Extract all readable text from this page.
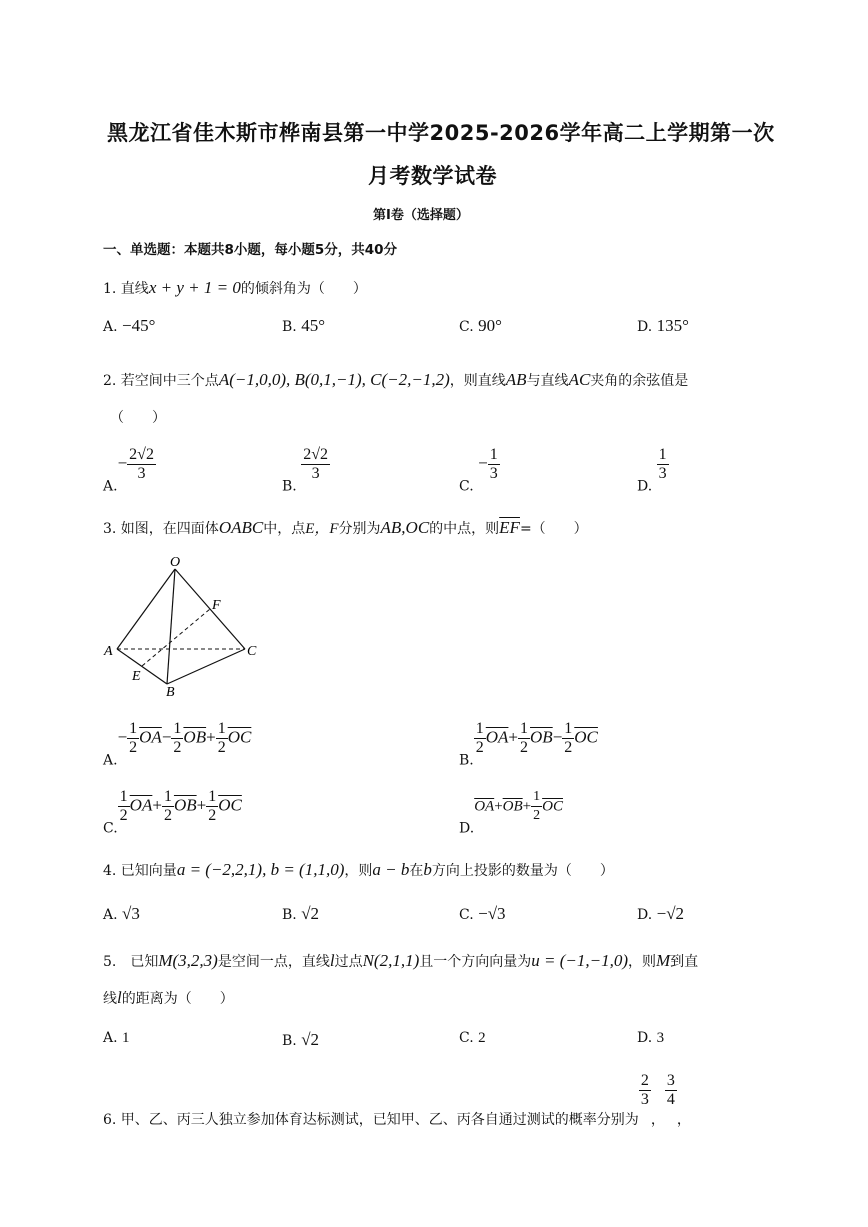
黑龙江省佳木斯市桦南县第一中学2025-2026学年高二上学期第一次
月考数学试卷
第I卷（选择题）
一、单选题：本题共8小题，每小题5分，共40分
1. 直线x + y + 1 = 0的倾斜角为（　　）
A. −45°	B. 45°	C. 90°	D. 135°
2. 若空间中三个点A(−1,0,0), B(0,1,−1), C(−2,−1,2)，则直线AB与直线AC夹角的余弦值是
（　　）
$A.- \frac{2√2}{3}$
B.
$\frac{2√2}{3}$
C. − $\frac{1}{3}$
D.
$\frac{1}{3}$
3. 如图，在四面体OABC中，点E，F分别为AB,OC的中点，则$\overline{EF}=$（　　）
O
F
A	C
E
B
$A.- \frac{1}{2} \overline{OA}- \frac{1}{2} \overline{OB}+ \frac{1}{2} \overline{OC}$
B.
$\frac{1}{2} \overline{OA}+ \frac{1}{2} \overline{OB}- \frac{1}{2} \overline{OC}$
C.
$\frac{1}{2} \overline{OA}+ \frac{1}{2} \overline{OB}+ \frac{1}{2} \overline{OC}$
$D.\overline{OA}+\overline{OB}+ \frac{1}{2} \overline{OC}$
4. 已知向量a = (−2,2,1), b = (1,1,0)，则a − b在b方向上投影的数量为（　　）
A. √3	B. √2	C. −√3	D. −√2
5.　已知M(3,2,3)是空间一点，直线l过点N(2,1,1)且一个方向向量为u = (−1,−1,0)，则M到直
线l的距离为（　　）
A. 1	B. √2	C. 2	D. 3
6. 甲、乙、丙三人独立参加体育达标测试，已知甲、乙、丙各自通过测试的概率分别为
$\frac{2}{3}$
，
$\frac{3}{4}$
，
